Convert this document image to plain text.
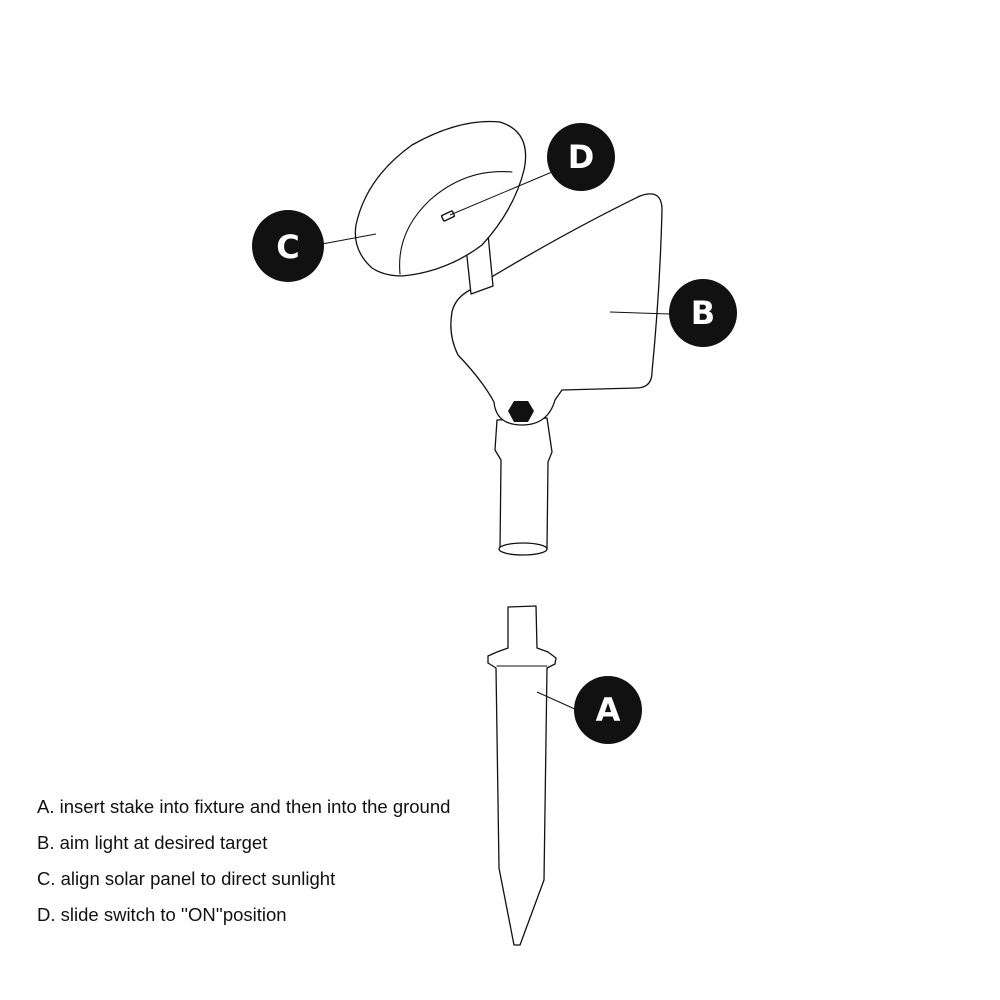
A
B
C
D
A. insert stake into fixture and then into the ground
B. aim light at desired target
C. align solar panel to direct sunlight
D. slide switch to ''ON''position
